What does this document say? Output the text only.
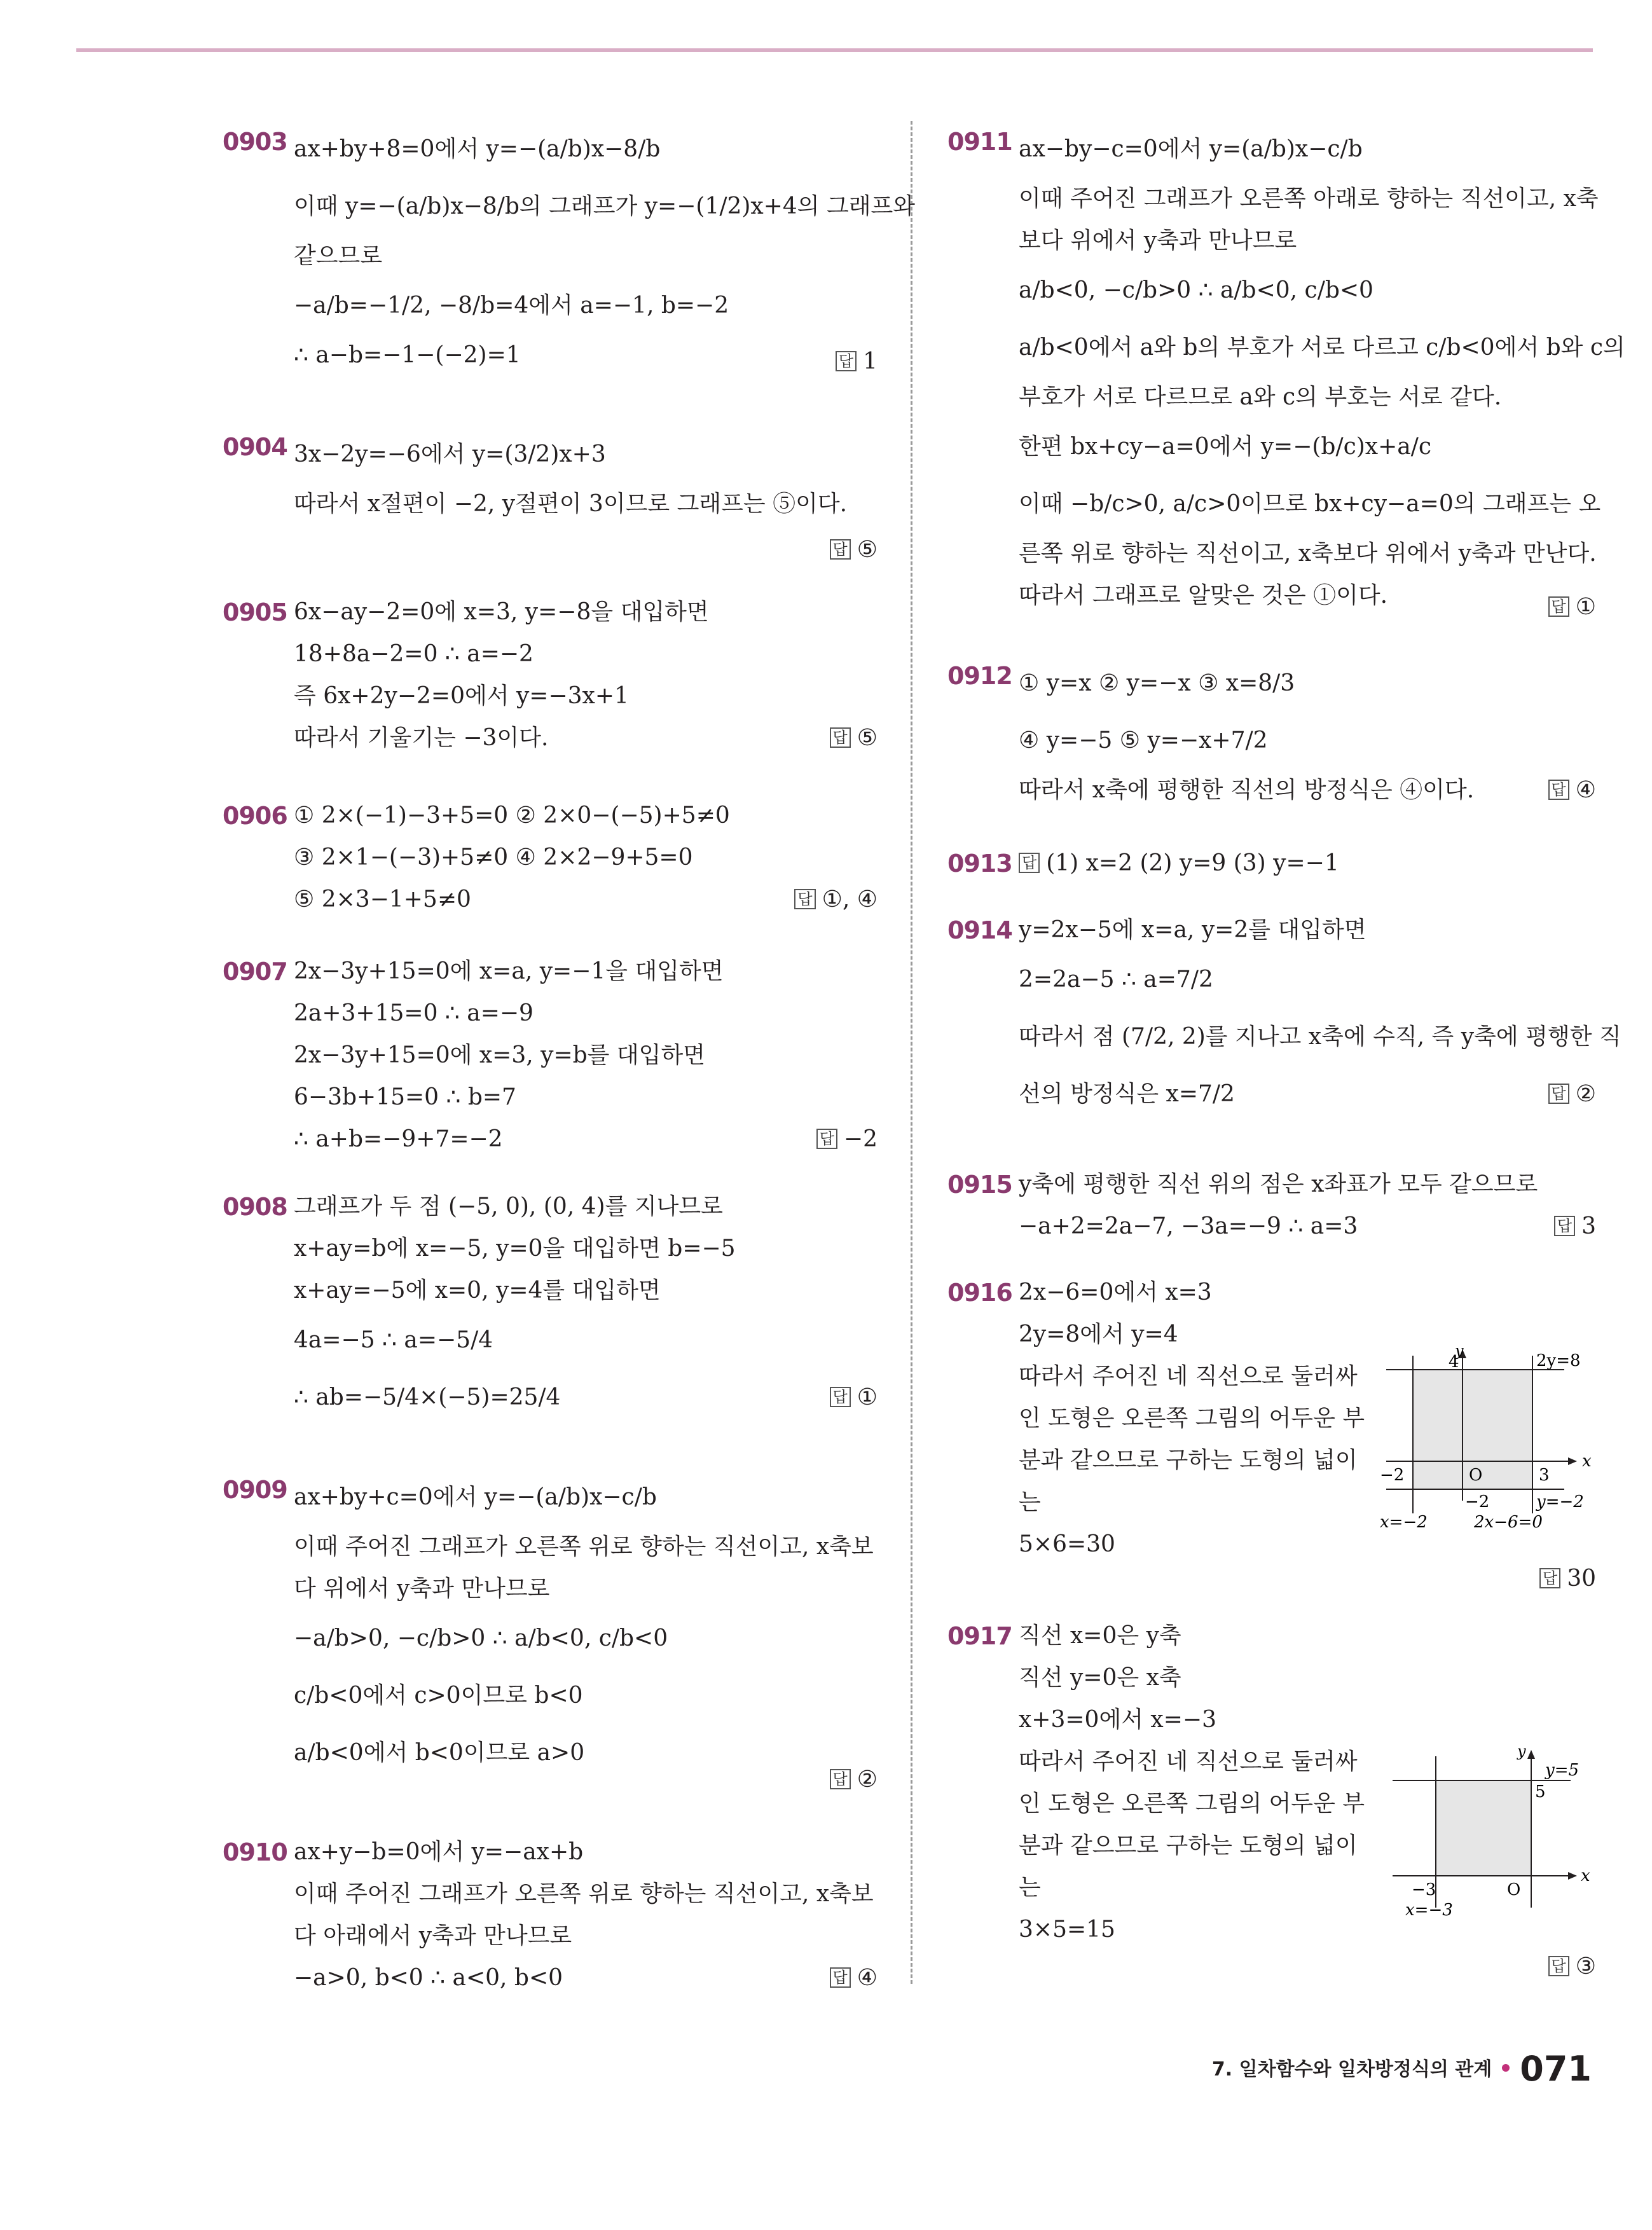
0903 ax+by+8=0에서 y=−(a/b)x−8/b
이때 y=−(a/b)x−8/b의 그래프가 y=−(1/2)x+4의 그래프와
같으므로
−a/b=−1/2, −8/b=4에서 a=−1, b=−2
∴ a−b=−1−(−2)=1	답 1
0904 3x−2y=−6에서 y=(3/2)x+3
따라서 x절편이 −2, y절편이 3이므로 그래프는 ⑤이다.
답 ⑤
0905 6x−ay−2=0에 x=3, y=−8을 대입하면
18+8a−2=0 ∴ a=−2
즉 6x+2y−2=0에서 y=−3x+1
따라서 기울기는 −3이다.	답 ⑤
0906 ① 2×(−1)−3+5=0 ② 2×0−(−5)+5≠0
③ 2×1−(−3)+5≠0 ④ 2×2−9+5=0
⑤ 2×3−1+5≠0	답 ①, ④
0907 2x−3y+15=0에 x=a, y=−1을 대입하면
2a+3+15=0 ∴ a=−9
2x−3y+15=0에 x=3, y=b를 대입하면
6−3b+15=0 ∴ b=7
∴ a+b=−9+7=−2	답 −2
0908 그래프가 두 점 (−5, 0), (0, 4)를 지나므로
x+ay=b에 x=−5, y=0을 대입하면 b=−5
x+ay=−5에 x=0, y=4를 대입하면
4a=−5 ∴ a=−5/4
∴ ab=−5/4×(−5)=25/4	답 ①
0909 ax+by+c=0에서 y=−(a/b)x−c/b
이때 주어진 그래프가 오른쪽 위로 향하는 직선이고, x축보
다 위에서 y축과 만나므로
−a/b>0, −c/b>0 ∴ a/b<0, c/b<0
c/b<0에서 c>0이므로 b<0
a/b<0에서 b<0이므로 a>0
답 ②
0910 ax+y−b=0에서 y=−ax+b
이때 주어진 그래프가 오른쪽 위로 향하는 직선이고, x축보
다 아래에서 y축과 만나므로
−a>0, b<0 ∴ a<0, b<0	답 ④
0911 ax−by−c=0에서 y=(a/b)x−c/b
이때 주어진 그래프가 오른쪽 아래로 향하는 직선이고, x축
보다 위에서 y축과 만나므로
a/b<0, −c/b>0 ∴ a/b<0, c/b<0
a/b<0에서 a와 b의 부호가 서로 다르고 c/b<0에서 b와 c의
부호가 서로 다르므로 a와 c의 부호는 서로 같다.
한편 bx+cy−a=0에서 y=−(b/c)x+a/c
이때 −b/c>0, a/c>0이므로 bx+cy−a=0의 그래프는 오
른쪽 위로 향하는 직선이고, x축보다 위에서 y축과 만난다.
따라서 그래프로 알맞은 것은 ①이다.	답 ①
0912 ① y=x ② y=−x ③ x=8/3
④ y=−5 ⑤ y=−x+7/2
따라서 x축에 평행한 직선의 방정식은 ④이다.	답 ④
0913 답 (1) x=2 (2) y=9 (3) y=−1
0914 y=2x−5에 x=a, y=2를 대입하면
2=2a−5 ∴ a=7/2
따라서 점 (7/2, 2)를 지나고 x축에 수직, 즉 y축에 평행한 직
선의 방정식은 x=7/2	답 ②
0915 y축에 평행한 직선 위의 점은 x좌표가 모두 같으므로
−a+2=2a−7, −3a=−9 ∴ a=3	답 3
0916 2x−6=0에서 x=3
2y=8에서 y=4
따라서 주어진 네 직선으로 둘러싸
인 도형은 오른쪽 그림의 어두운 부
분과 같으므로 구하는 도형의 넓이
는
5×6=30
x
y
O
4	2y=8
−2	3
−2	y=−2
x=−2	2x−6=0
답 30
0917 직선 x=0은 y축
직선 y=0은 x축
x+3=0에서 x=−3
따라서 주어진 네 직선으로 둘러싸
인 도형은 오른쪽 그림의 어두운 부
분과 같으므로 구하는 도형의 넓이
는
3×5=15
x
y
O
5
y=5
−3
x=−3
답 ③
7. 일차함수와 일차방정식의 관계 071
